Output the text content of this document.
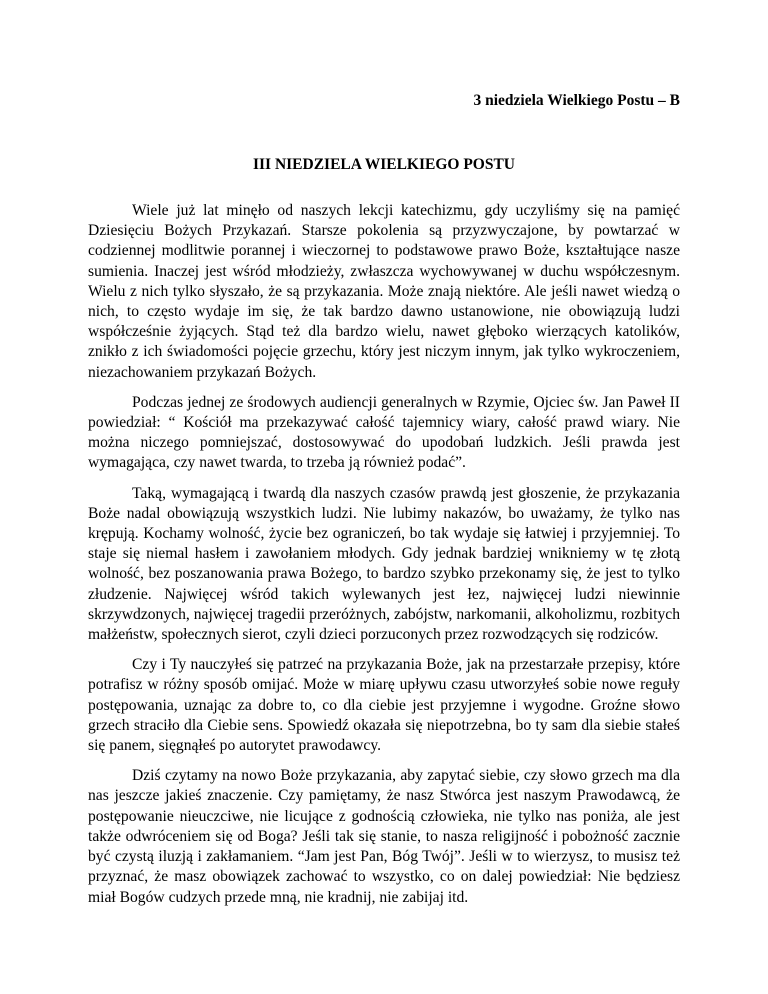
3 niedziela Wielkiego Postu – B

III NIEDZIELA WIELKIEGO POSTU

Wiele już lat minęło od naszych lekcji katechizmu, gdy uczyliśmy się na pamięć Dziesięciu Bożych Przykazań. Starsze pokolenia są przyzwyczajone, by powtarzać w codziennej modlitwie porannej i wieczornej to podstawowe prawo Boże, kształtujące nasze sumienia. Inaczej jest wśród młodzieży, zwłaszcza wychowywanej w duchu współczesnym. Wielu z nich tylko słyszało, że są przykazania. Może znają niektóre. Ale jeśli nawet wiedzą o nich, to często wydaje im się, że tak bardzo dawno ustanowione, nie obowiązują ludzi współcześnie żyjących. Stąd też dla bardzo wielu, nawet głęboko wierzących katolików, znikło z ich świadomości pojęcie grzechu, który jest niczym innym, jak tylko wykroczeniem, niezachowaniem przykazań Bożych.

Podczas jednej ze środowych audiencji generalnych w Rzymie, Ojciec św. Jan Paweł II powiedział: “ Kościół ma przekazywać całość tajemnicy wiary, całość prawd wiary. Nie można niczego pomniejszać, dostosowywać do upodobań ludzkich. Jeśli prawda jest wymagająca, czy nawet twarda, to trzeba ją również podać”.

Taką, wymagającą i twardą dla naszych czasów prawdą jest głoszenie, że przykazania Boże nadal obowiązują wszystkich ludzi. Nie lubimy nakazów, bo uważamy, że tylko nas krępują. Kochamy wolność, życie bez ograniczeń, bo tak wydaje się łatwiej i przyjemniej. To staje się niemal hasłem i zawołaniem młodych. Gdy jednak bardziej wnikniemy w tę złotą wolność, bez poszanowania prawa Bożego, to bardzo szybko przekonamy się, że jest to tylko złudzenie. Najwięcej wśród takich wylewanych jest łez, najwięcej ludzi niewinnie skrzywdzonych, najwięcej tragedii przeróżnych, zabójstw, narkomanii, alkoholizmu, rozbitych małżeństw, społecznych sierot, czyli dzieci porzuconych przez rozwodzących się rodziców.

Czy i Ty nauczyłeś się patrzeć na przykazania Boże, jak na przestarzałe przepisy, które potrafisz w różny sposób omijać. Może w miarę upływu czasu utworzyłeś sobie nowe reguły postępowania, uznając za dobre to, co dla ciebie jest przyjemne i wygodne. Groźne słowo grzech straciło dla Ciebie sens. Spowiedź okazała się niepotrzebna, bo ty sam dla siebie stałeś się panem, sięgnąłeś po autorytet prawodawcy.

Dziś czytamy na nowo Boże przykazania, aby zapytać siebie, czy słowo grzech ma dla nas jeszcze jakieś znaczenie. Czy pamiętamy, że nasz Stwórca jest naszym Prawodawcą, że postępowanie nieuczciwe, nie licujące z godnością człowieka, nie tylko nas poniża, ale jest także odwróceniem się od Boga? Jeśli tak się stanie, to nasza religijność i pobożność zacznie być czystą iluzją i zakłamaniem. “Jam jest Pan, Bóg Twój”. Jeśli w to wierzysz, to musisz też przyznać, że masz obowiązek zachować to wszystko, co on dalej powiedział: Nie będziesz miał Bogów cudzych przede mną, nie kradnij, nie zabijaj itd.
